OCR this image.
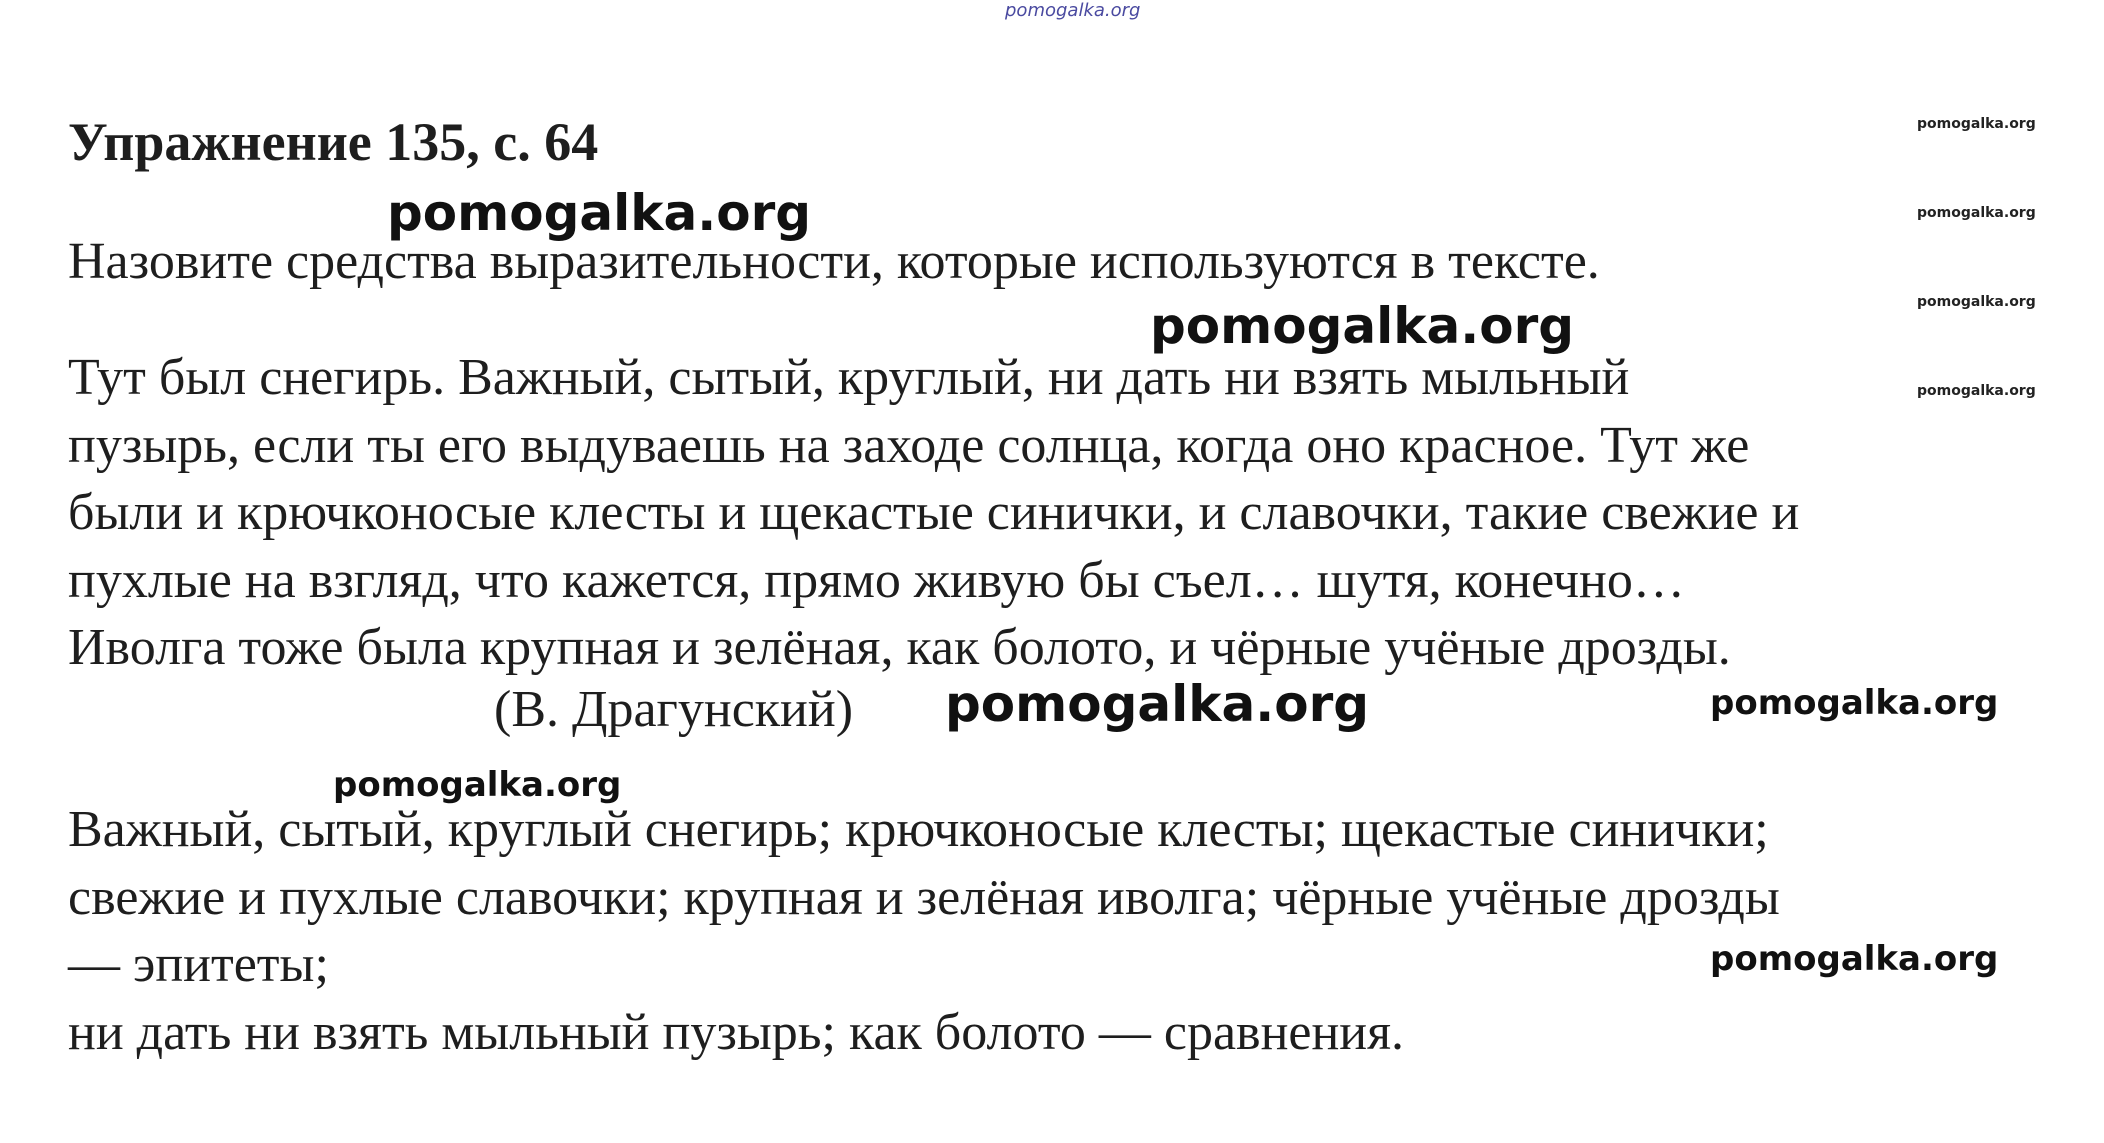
pomogalka.org
Упражнение 135, с. 64
Назовите средства выразительности, которые используются в тексте.
Тут был снегирь. Важный, сытый, круглый, ни дать ни взять мыльный
пузырь, если ты его выдуваешь на заходе солнца, когда оно красное. Тут же
были и крючконосые клесты и щекастые синички, и славочки, такие свежие и
пухлые на взгляд, что кажется, прямо живую бы съел… шутя, конечно…
Иволга тоже была крупная и зелёная, как болото, и чёрные учёные дрозды.
(В. Драгунский)
Важный, сытый, круглый снегирь; крючконосые клесты; щекастые синички;
свежие и пухлые славочки; крупная и зелёная иволга; чёрные учёные дрозды
— эпитеты;
ни дать ни взять мыльный пузырь; как болото — сравнения.
pomogalka.org
pomogalka.org
pomogalka.org	pomogalka.org
pomogalka.org
pomogalka.org
pomogalka.org
pomogalka.org
pomogalka.org
pomogalka.org
